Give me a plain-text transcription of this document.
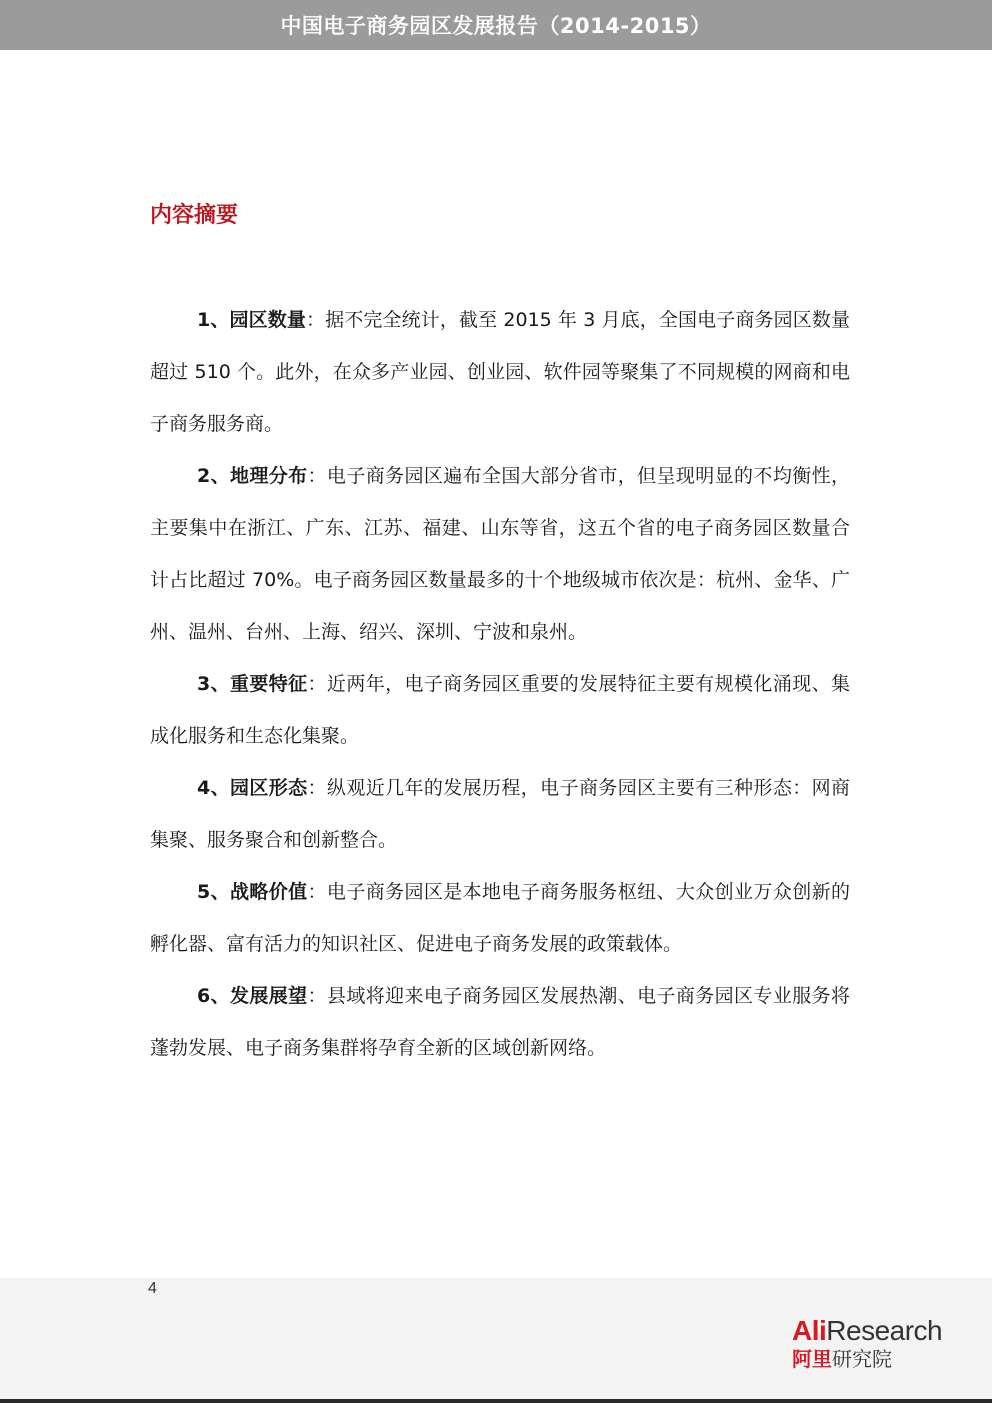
中国电子商务园区发展报告（2014-2015）
内容摘要

1、园区数量：据不完全统计，截至 2015 年 3 月底，全国电子商务园区数量超过 510 个。此外，在众多产业园、创业园、软件园等聚集了不同规模的网商和电子商务服务商。

2、地理分布：电子商务园区遍布全国大部分省市，但呈现明显的不均衡性，主要集中在浙江、广东、江苏、福建、山东等省，这五个省的电子商务园区数量合计占比超过 70%。电子商务园区数量最多的十个地级城市依次是：杭州、金华、广州、温州、台州、上海、绍兴、深圳、宁波和泉州。

3、重要特征：近两年，电子商务园区重要的发展特征主要有规模化涌现、集成化服务和生态化集聚。

4、园区形态：纵观近几年的发展历程，电子商务园区主要有三种形态：网商集聚、服务聚合和创新整合。

5、战略价值：电子商务园区是本地电子商务服务枢纽、大众创业万众创新的孵化器、富有活力的知识社区、促进电子商务发展的政策载体。

6、发展展望：县域将迎来电子商务园区发展热潮、电子商务园区专业服务将蓬勃发展、电子商务集群将孕育全新的区域创新网络。

4
AliResearch
阿里研究院
